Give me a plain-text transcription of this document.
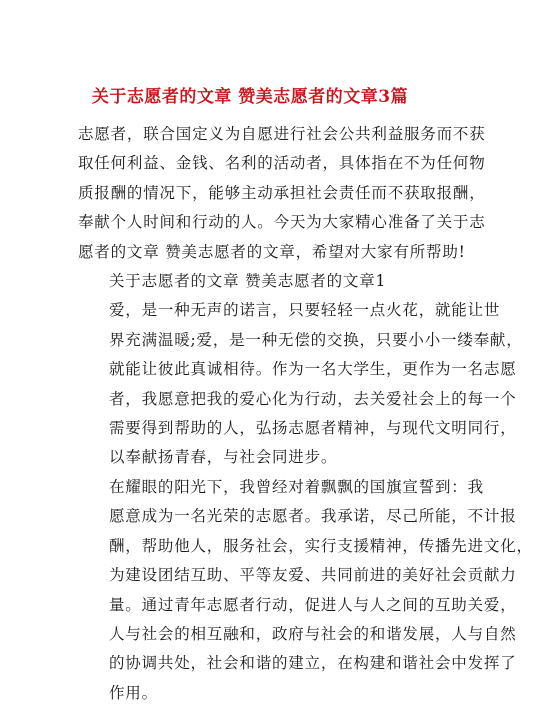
关于志愿者的文章 赞美志愿者的文章3篇

志愿者，联合国定义为自愿进行社会公共利益服务而不获
取任何利益、金钱、名利的活动者，具体指在不为任何物
质报酬的情况下，能够主动承担社会责任而不获取报酬，
奉献个人时间和行动的人。今天为大家精心准备了关于志
愿者的文章 赞美志愿者的文章，希望对大家有所帮助!

关于志愿者的文章 赞美志愿者的文章1

爱，是一种无声的诺言，只要轻轻一点火花，就能让世
界充满温暖;爱，是一种无偿的交换，只要小小一缕奉献，
就能让彼此真诚相待。作为一名大学生，更作为一名志愿
者，我愿意把我的爱心化为行动，去关爱社会上的每一个
需要得到帮助的人，弘扬志愿者精神，与现代文明同行，
以奉献扬青春，与社会同进步。

在耀眼的阳光下，我曾经对着飘飘的国旗宣誓到：我
愿意成为一名光荣的志愿者。我承诺，尽己所能，不计报
酬，帮助他人，服务社会，实行支援精神，传播先进文化，
为建设团结互助、平等友爱、共同前进的美好社会贡献力
量。通过青年志愿者行动，促进人与人之间的互助关爱，
人与社会的相互融和，政府与社会的和谐发展，人与自然
的协调共处，社会和谐的建立，在构建和谐社会中发挥了
作用。
